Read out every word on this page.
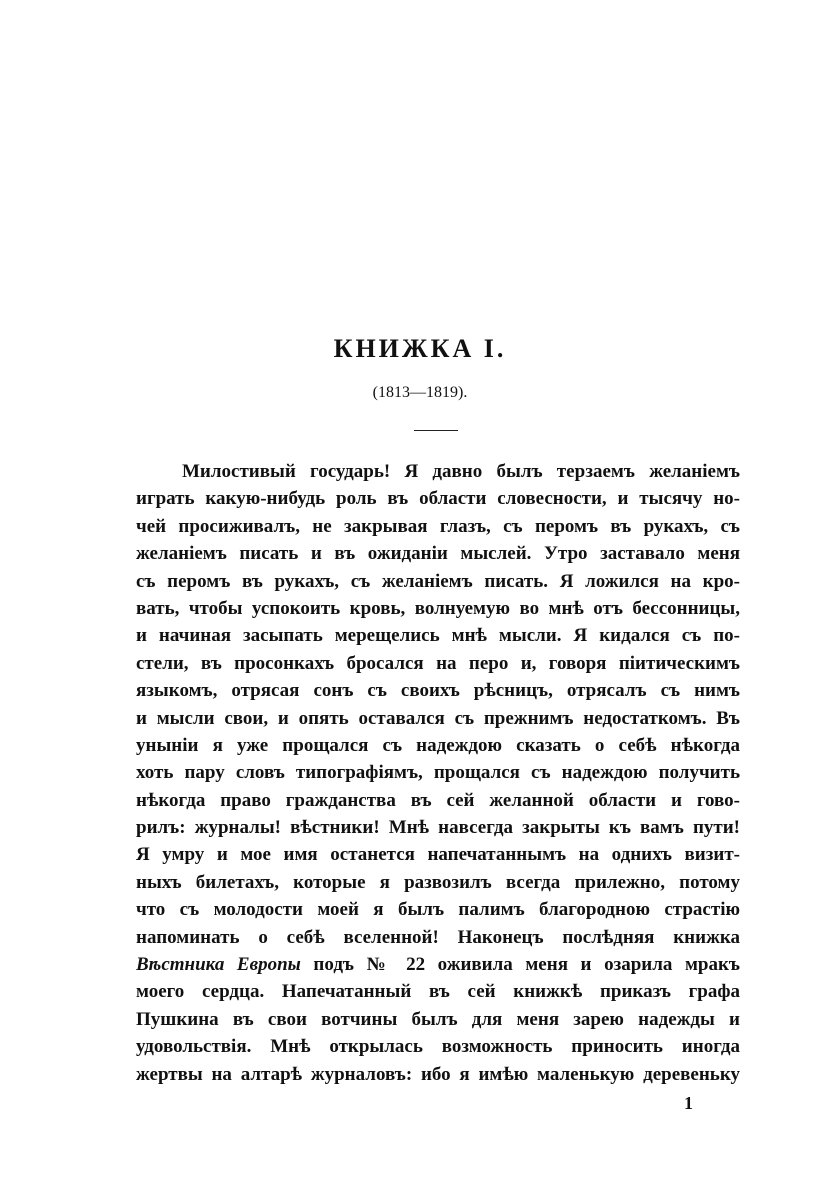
КНИЖКА I.
(1813—1819).
Милостивый государь! Я давно былъ терзаемъ желаніемъ
играть какую-нибудь роль въ области словесности, и тысячу но-
чей просиживалъ, не закрывая глазъ, съ перомъ въ рукахъ, съ
желаніемъ писать и въ ожиданіи мыслей. Утро заставало меня
съ перомъ въ рукахъ, съ желаніемъ писать. Я ложился на кро-
вать, чтобы успокоить кровь, волнуемую во мнѣ отъ бессонницы,
и начиная засыпать мерещелись мнѣ мысли. Я кидался съ по-
стели, въ просонкахъ бросался на перо и, говоря піитическимъ
языкомъ, отрясая сонъ съ своихъ рѣсницъ, отрясалъ съ нимъ
и мысли свои, и опять оставался съ прежнимъ недостаткомъ. Въ
уныніи я уже прощался съ надеждою сказать о себѣ нѣкогда
хоть пару словъ типографіямъ, прощался съ надеждою получить
нѣкогда право гражданства въ сей желанной области и гово-
рилъ: журналы! вѣстники! Мнѣ навсегда закрыты къ вамъ пути!
Я умру и мое имя останется напечатаннымъ на однихъ визит-
ныхъ билетахъ, которые я развозилъ всегда прилежно, потому
что съ молодости моей я былъ палимъ благородною страстію
напоминать о себѣ вселенной! Наконецъ послѣдняя книжка
Вѣстника Европы подъ № 22 оживила меня и озарила мракъ
моего сердца. Напечатанный въ сей книжкѣ приказъ графа
Пушкина въ свои вотчины былъ для меня зарею надежды и
удовольствія. Мнѣ открылась возможность приносить иногда
жертвы на алтарѣ журналовъ: ибо я имѣю маленькую деревеньку
1
